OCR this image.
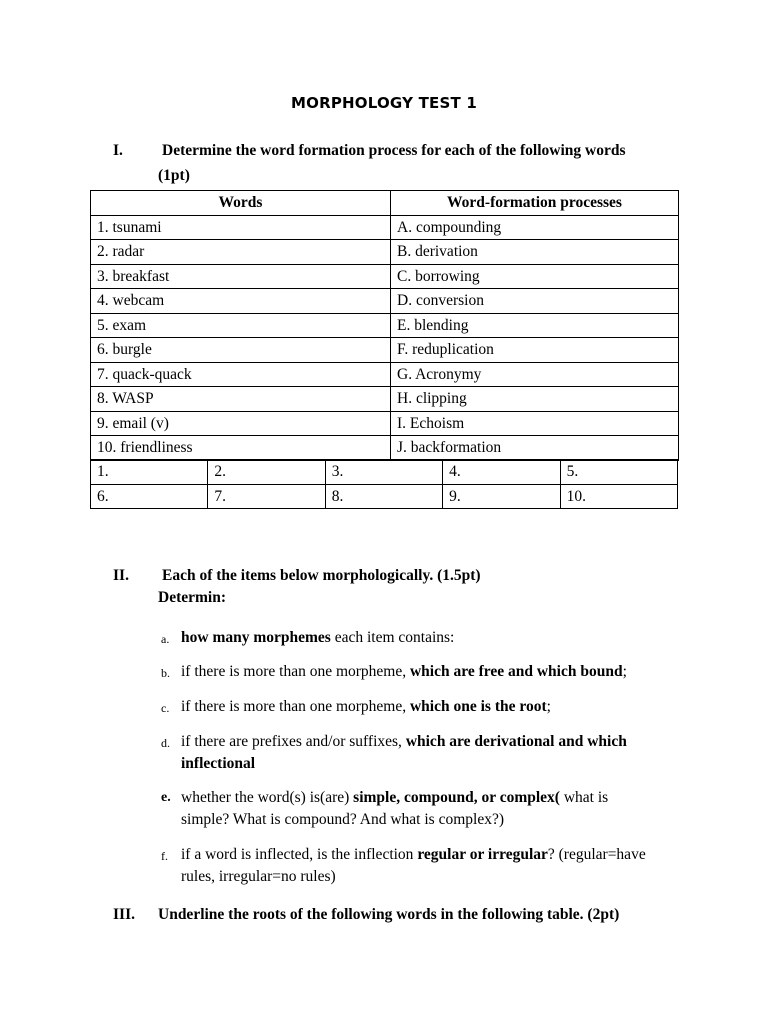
MORPHOLOGY TEST 1
I.	Determine the word formation process for each of the following words
(1pt)
Words	Word-formation processes
1. tsunami	A. compounding
2. radar	B. derivation
3. breakfast	C. borrowing
4. webcam	D. conversion
5. exam	E. blending
6. burgle	F. reduplication
7. quack-quack	G. Acronymy
8. WASP	H. clipping
9. email (v)	I. Echoism
10. friendliness	J. backformation
1.	2.	3.	4.	5.
6.	7.	8.	9.	10.
II. Each of the items below morphologically. (1.5pt)
Determin:
a. how many morphemes each item contains:
b. if there is more than one morpheme, which are free and which bound;
c. if there is more than one morpheme, which one is the root;
d. if there are prefixes and/or suffixes, which are derivational and which inflectional
e. whether the word(s) is(are) simple, compound, or complex( what is simple? What is compound? And what is complex?)
f. if a word is inflected, is the inflection regular or irregular? (regular=have rules, irregular=no rules)
III. Underline the roots of the following words in the following table. (2pt)
